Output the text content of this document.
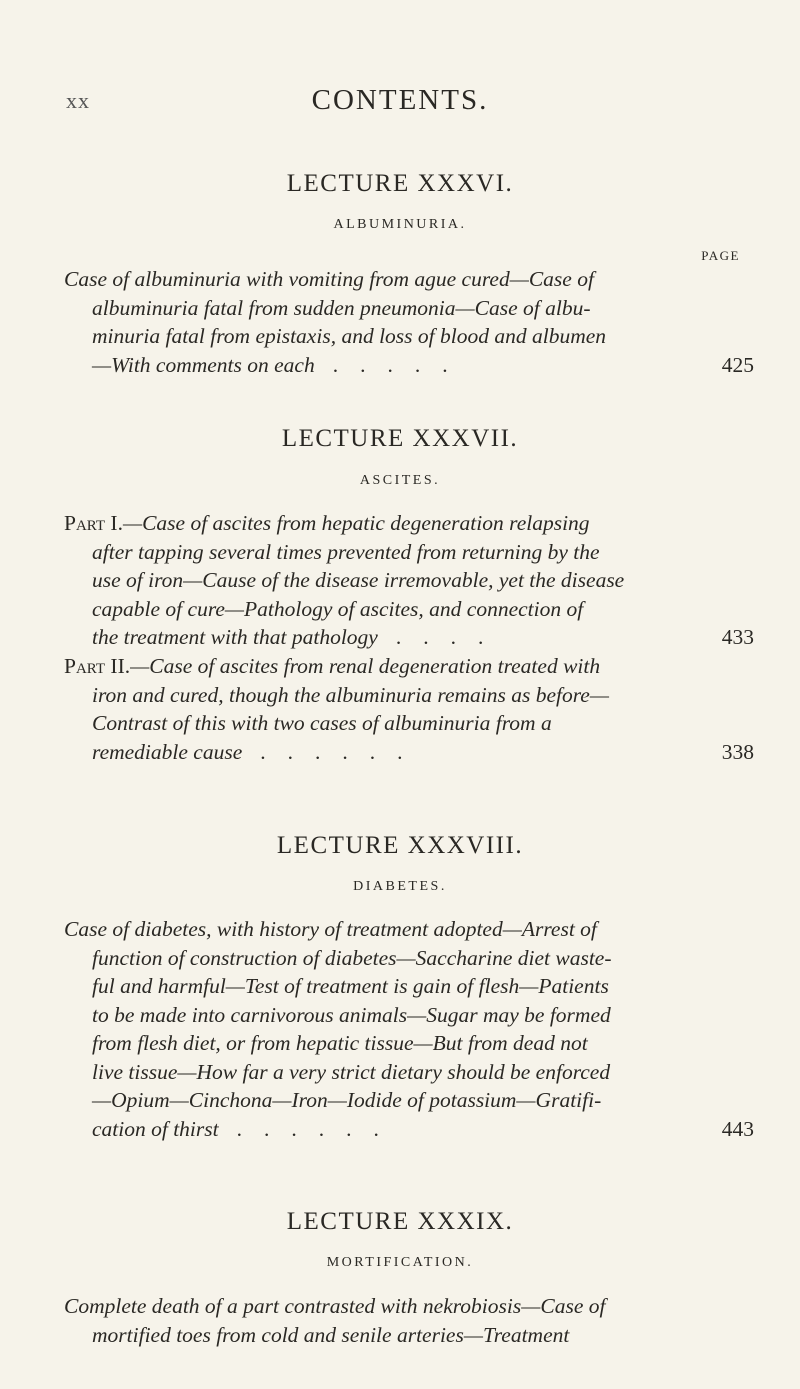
xx	CONTENTS.
LECTURE XXXVI.
ALBUMINURIA.
PAGE
Case of albuminuria with vomiting from ague cured—Case of
albuminuria fatal from sudden pneumonia—Case of albu-
minuria fatal from epistaxis, and loss of blood and albumen
—With comments on each .....	425
LECTURE XXXVII.
ASCITES.
Part I.—Case of ascites from hepatic degeneration relapsing
after tapping several times prevented from returning by the
use of iron—Cause of the disease irremovable, yet the disease
capable of cure—Pathology of ascites, and connection of
the treatment with that pathology ....	433
Part II.—Case of ascites from renal degeneration treated with
iron and cured, though the albuminuria remains as before—
Contrast of this with two cases of albuminuria from a
remediable cause ......	338
LECTURE XXXVIII.
DIABETES.
Case of diabetes, with history of treatment adopted—Arrest of
function of construction of diabetes—Saccharine diet waste-
ful and harmful—Test of treatment is gain of flesh—Patients
to be made into carnivorous animals—Sugar may be formed
from flesh diet, or from hepatic tissue—But from dead not
live tissue—How far a very strict dietary should be enforced
—Opium—Cinchona—Iron—Iodide of potassium—Gratifi-
cation of thirst ......	443
LECTURE XXXIX.
MORTIFICATION.
Complete death of a part contrasted with nekrobiosis—Case of
mortified toes from cold and senile arteries—Treatment
